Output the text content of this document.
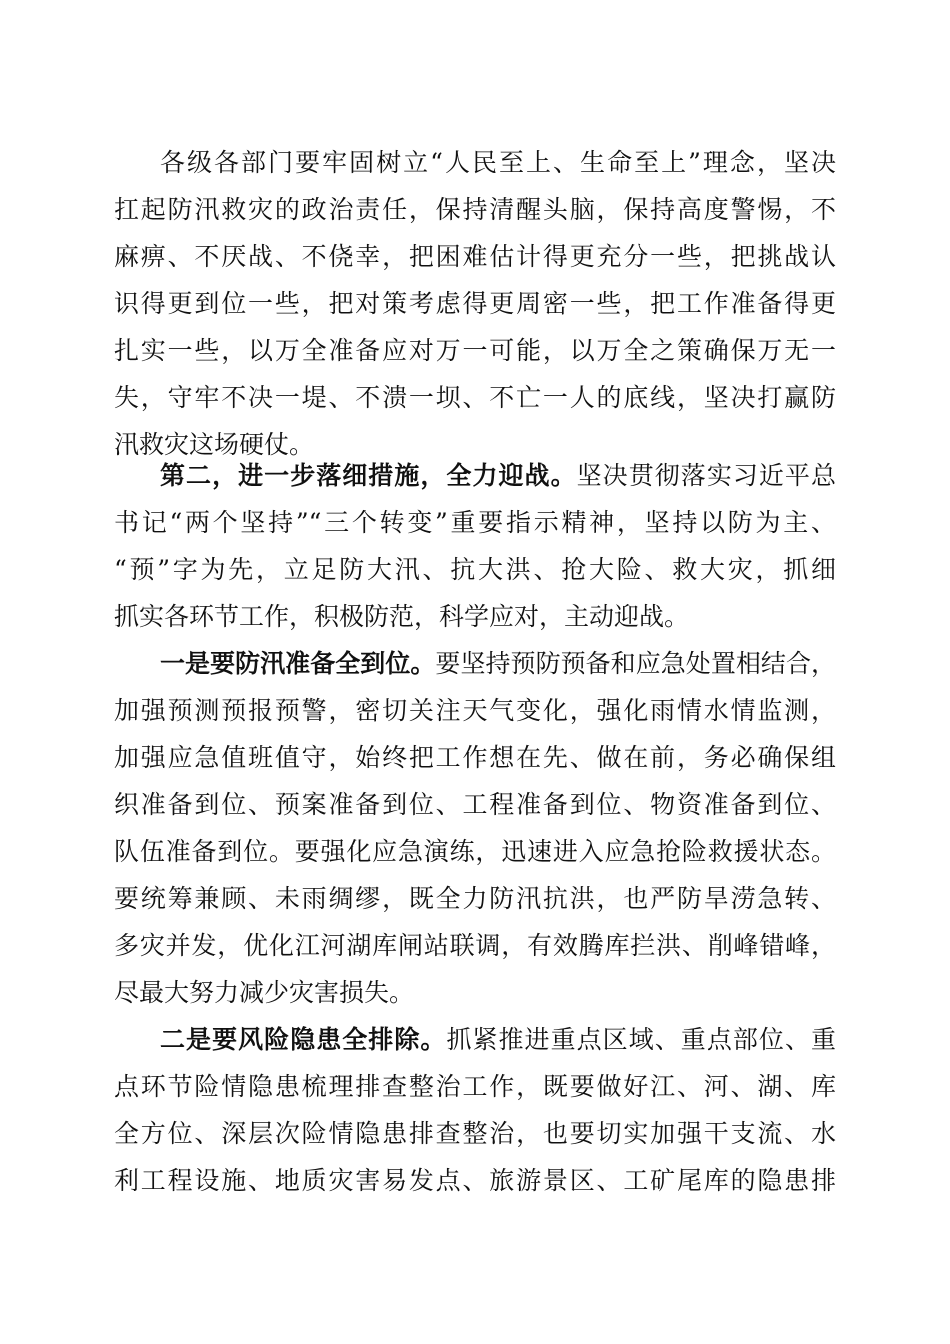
各级各部门要牢固树立“人民至上、生命至上”理念，坚决
扛起防汛救灾的政治责任，保持清醒头脑，保持高度警惕，不
麻痹、不厌战、不侥幸，把困难估计得更充分一些，把挑战认
识得更到位一些，把对策考虑得更周密一些，把工作准备得更
扎实一些，以万全准备应对万一可能，以万全之策确保万无一
失，守牢不决一堤、不溃一坝、不亡一人的底线，坚决打赢防
汛救灾这场硬仗。
第二，进一步落细措施，全力迎战。坚决贯彻落实习近平总
书记“两个坚持”“三个转变”重要指示精神，坚持以防为主、
“预”字为先，立足防大汛、抗大洪、抢大险、救大灾，抓细
抓实各环节工作，积极防范，科学应对，主动迎战。
一是要防汛准备全到位。要坚持预防预备和应急处置相结合，
加强预测预报预警，密切关注天气变化，强化雨情水情监测，
加强应急值班值守，始终把工作想在先、做在前，务必确保组
织准备到位、预案准备到位、工程准备到位、物资准备到位、
队伍准备到位。要强化应急演练，迅速进入应急抢险救援状态。
要统筹兼顾、未雨绸缪，既全力防汛抗洪，也严防旱涝急转、
多灾并发，优化江河湖库闸站联调，有效腾库拦洪、削峰错峰，
尽最大努力减少灾害损失。
二是要风险隐患全排除。抓紧推进重点区域、重点部位、重
点环节险情隐患梳理排查整治工作，既要做好江、河、湖、库
全方位、深层次险情隐患排查整治，也要切实加强干支流、水
利工程设施、地质灾害易发点、旅游景区、工矿尾库的隐患排
